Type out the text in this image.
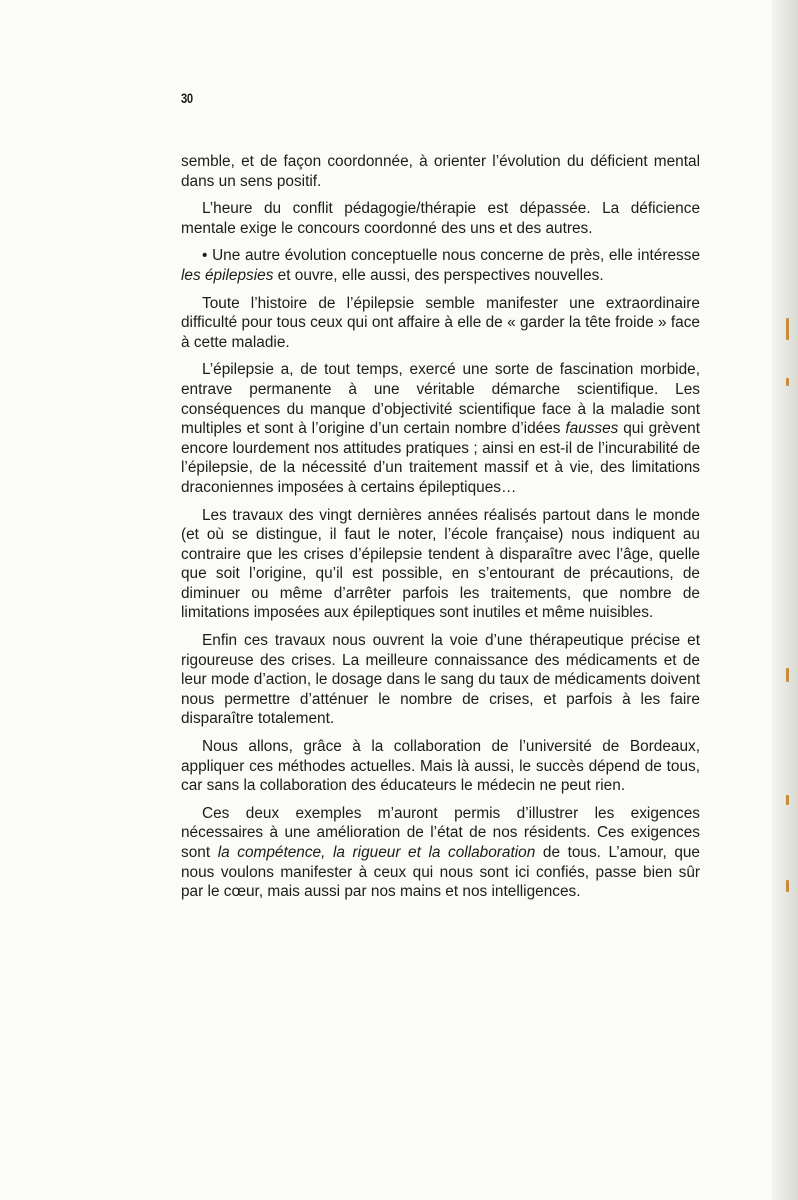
30

semble, et de façon coordonnée, à orienter l’évolution du déficient mental dans un sens positif.

L’heure du conflit pédagogie/thérapie est dépassée. La déficience mentale exige le concours coordonné des uns et des autres.

• Une autre évolution conceptuelle nous concerne de près, elle intéresse les épilepsies et ouvre, elle aussi, des perspectives nouvelles.

Toute l’histoire de l’épilepsie semble manifester une extraordinaire difficulté pour tous ceux qui ont affaire à elle de « garder la tête froide » face à cette maladie.

L’épilepsie a, de tout temps, exercé une sorte de fascination morbide, entrave permanente à une véritable démarche scientifique. Les conséquences du manque d’objectivité scientifique face à la maladie sont multiples et sont à l’origine d’un certain nombre d’idées fausses qui grèvent encore lourdement nos attitudes pratiques ; ainsi en est-il de l’incurabilité de l’épilepsie, de la nécessité d’un traitement massif et à vie, des limitations draconiennes imposées à certains épileptiques…

Les travaux des vingt dernières années réalisés partout dans le monde (et où se distingue, il faut le noter, l’école française) nous indiquent au contraire que les crises d’épilepsie tendent à disparaître avec l’âge, quelle que soit l’origine, qu’il est possible, en s’entourant de précautions, de diminuer ou même d’arrêter parfois les traitements, que nombre de limitations imposées aux épileptiques sont inutiles et même nuisibles.

Enfin ces travaux nous ouvrent la voie d’une thérapeutique précise et rigoureuse des crises. La meilleure connaissance des médicaments et de leur mode d’action, le dosage dans le sang du taux de médicaments doivent nous permettre d’atténuer le nombre de crises, et parfois à les faire disparaître totalement.

Nous allons, grâce à la collaboration de l’université de Bordeaux, appliquer ces méthodes actuelles. Mais là aussi, le succès dépend de tous, car sans la collaboration des éducateurs le médecin ne peut rien.

Ces deux exemples m’auront permis d’illustrer les exigences nécessaires à une amélioration de l’état de nos résidents. Ces exigences sont la compétence, la rigueur et la collaboration de tous. L’amour, que nous voulons manifester à ceux qui nous sont ici confiés, passe bien sûr par le cœur, mais aussi par nos mains et nos intelligences.
